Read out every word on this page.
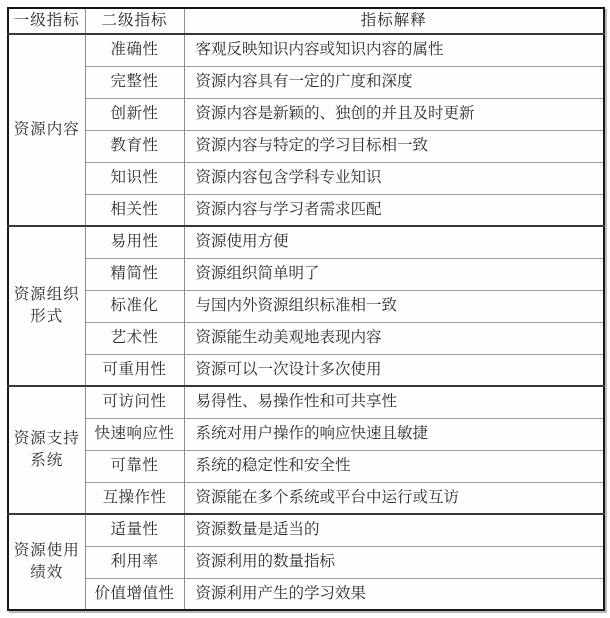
一级指标	二级指标	指标解释
资源内容	准确性	客观反映知识内容或知识内容的属性
	完整性	资源内容具有一定的广度和深度
	创新性	资源内容是新颖的、独创的并且及时更新
	教育性	资源内容与特定的学习目标相一致
	知识性	资源内容包含学科专业知识
	相关性	资源内容与学习者需求匹配
资源组织形式	易用性	资源使用方便
	精简性	资源组织简单明了
	标准化	与国内外资源组织标准相一致
	艺术性	资源能生动美观地表现内容
	可重用性	资源可以一次设计多次使用
资源支持系统	可访问性	易得性、易操作性和可共享性
	快速响应性	系统对用户操作的响应快速且敏捷
	可靠性	系统的稳定性和安全性
	互操作性	资源能在多个系统或平台中运行或互访
资源使用绩效	适量性	资源数量是适当的
	利用率	资源利用的数量指标
	价值增值性	资源利用产生的学习效果
